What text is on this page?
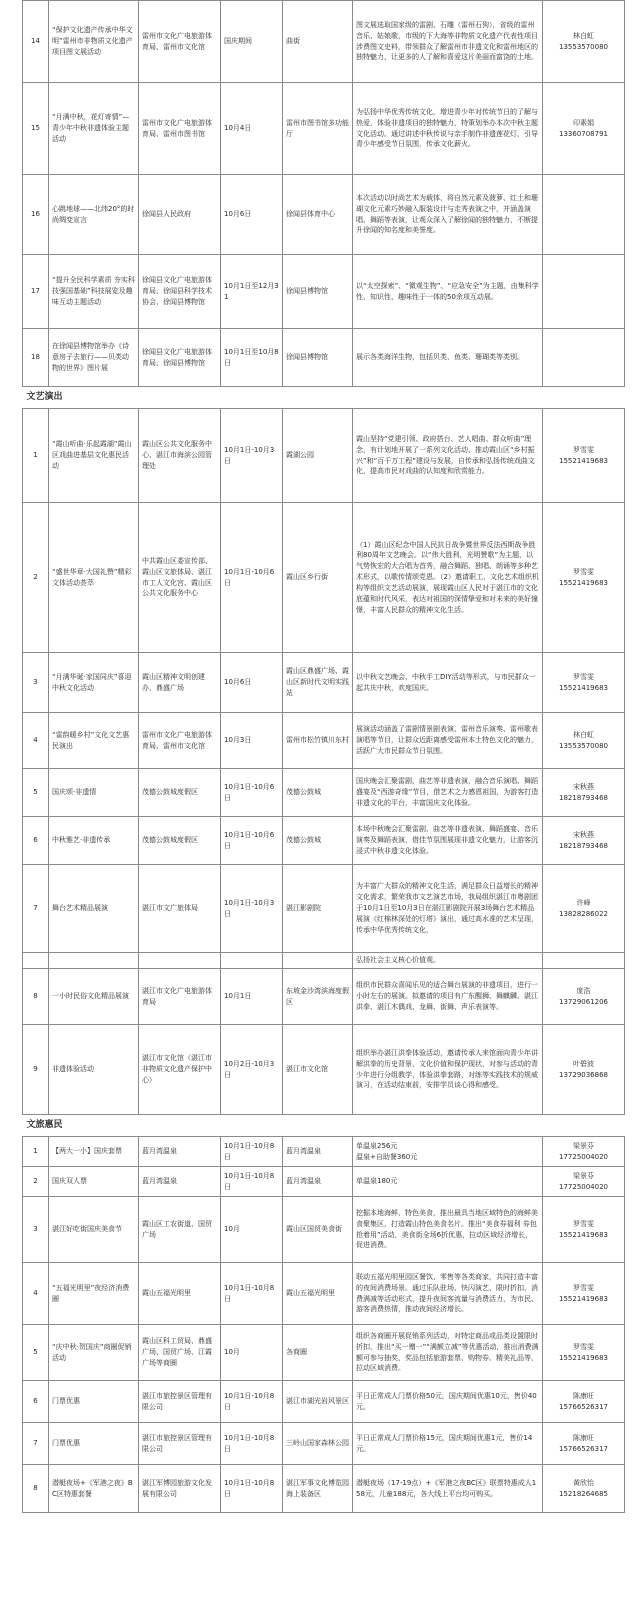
14	“保护文化遗产传承中华文明”雷州市非物质文化遗产项目图文展活动	雷州市文化广电旅游体育局、雷州市文化馆	国庆期间	曲街	图文展选取国家级的雷剧、石雕（雷州石狗），省级的雷州音乐、姑娘歌，市级的下大海等非物质文化遗产代表性项目涉费图文史料，带领群众了解雷州市非遗文化和雷州地区的独特魅力，让更多的人了解和喜爱这片美丽而富饶的土地。	林白虹
13553570080

15	“月满中秋，花灯寄情”—青少年中秋非遗体验主题活动	雷州市文化广电旅游体育局、雷州市图书馆	10月4日	雷州市图书馆多功能厅	为弘扬中华优秀传统文化，增进青少年对传统节日的了解与热爱，体验非遗项目的独特魅力，特策划举办本次中秋主题文化活动。通过讲述中秋传说与亲手制作非遗莲花灯，引导青少年感受节日氛围，传承文化薪火。	印素娟
13360708791

16	心跳地球——北纬20°的时尚绸变宣言	徐闻县人民政府	10月6日	徐闻县体育中心	本次活动以时尚艺术为载体，将自然元素及菠萝、红土和珊瑚文化元素巧妙融入服装设计与走秀表演之中，并涵盖演唱、舞蹈等表演，让观众深入了解徐闻的独特魅力，不断提升徐闻的知名度和美誉度。	

17	“提升全民科学素质 夯实科技强国基础”科技展览及趣味互动主题活动	徐闻县文化广电旅游体育局、徐闻县科学技术协会、徐闻县博物馆	10月1日至12月31	徐闻县博物馆	以“太空探索”、“微观生物”、“应急安全”为主题，由集科学性、知识性、趣味性于一体的50余项互动展。	

18	在徐闻县博物馆举办《诗意房子去旅行——贝类动物的世界》图片展	徐闻县文化广电旅游体育局、徐闻县博物馆	10月1日至10月8日	徐闻县博物馆	展示各类海洋生物，包括贝类、鱼类、珊瑚类等类别。	

文艺演出						

1	“霞山听曲·乐起霞湖”霞山区戏曲进基层文化惠民活动	霞山区公共文化服务中心、湛江市海滨公园管理处	10月1日-10月3日	霞湖公园	霞山坚持“党建引领、政府搭台、艺人唱曲、群众听曲”理念，有计划地开展了一系列文化活动，推动霞山区“乡村振兴”和“百千万工程”建设与发展，自传承和弘扬传统戏曲文化，提高市民对戏曲的认知度和欣赏能力。	罗雪雯
15521419683

2	“盛世华章·大国礼赞”精彩文体活动荟萃	中共霞山区委宣传部、霞山区文旅体局、湛江市工人文化宫、霞山区公共文化服务中心	10月1日-10月6日	霞山区乡行街	（1）霞山区纪念中国人民抗日战争暨世界反法西斯战争胜利80周年文艺晚会。以“伟大胜利，光明赞歌”为主题，以气势恢宏的大合唱为首秀，融合舞蹈、独唱、朗诵等多种艺术形式，以歌传情颂党恩。（2）邀请职工、文化艺术组织机构等组织文艺活动展演，展现霞山区人民对于湛江市的文化底蕴和时代风采，表达对祖国的深情挚爱和对未来的美好憧憬，丰富人民群众的精神文化生活。	罗雪雯
15521419683

3	“月满华诞·家国同庆”喜迎中秋文化活动	霞山区精神文明创建办、鼎盛广场	10月6日	霞山区鼎盛广场、霞山区新时代文明实践站	以中秋文艺晚会、中秋手工DIY活动等形式，与市民群众一起共庆中秋，欢度国庆。	罗雪雯
15521419683

4	“雷韵暖乡村”文化文艺惠民演出	雷州市文化广电旅游体育局、雷州市文化馆	10月3日	雷州市松竹镇川东村	展演活动涵盖了雷剧情景剧表演、雷州音乐演奏、雷州歌表演唱等节目，让群众近距离感受雷州本土特色文化的魅力，活跃广大市民群众节日氛围。	林白虹
13553570080

5	国庆颂·非遗情	茂德公鼓城度假区	10月1日-10月6日	茂德公鼓城	国庆晚会汇聚雷剧、曲艺等非遗表演，融合音乐演唱、舞蹈盛宴及“西游奇缘”节目，借艺术之力感恩祖国，为游客打造非遗文化的平台，丰富国庆文化体验。	宋秋燕
18218793468

6	中秋雅艺·非遗传承	茂德公鼓城度假区	10月1日-10月6日	茂德公鼓城	本场中秋晚会汇聚雷剧、曲艺等非遗表演、舞蹈盛宴、音乐演奏及舞蹈表演，借佳节氛围展现非遗文化魅力，让游客沉浸式中秋非遗文化体验。	宋秋燕
18218793468

7	舞台艺术精品展演	湛江市文广旅体局	10月1日-10月3日	湛江影剧院	为丰富广大群众的精神文化生活，满足群众日益增长的精神文化需求，繁荣我市文艺演艺市场，我局组织湛江市粤剧团于10月1日至10月3日在湛江影剧院开展3场舞台艺术精品展演《红棉林深处的灯塔》演出，通过高水准的艺术呈现，传承中华优秀传统文化，	许峰
13828286022

					弘扬社会主义核心价值观。	

8	一小时民俗文化精品展演	湛江市文化广电旅游体育局	10月1日	东坡金沙湾滨海度假区	组织市民群众喜闻乐见的适合舞台展演的非遗项目，进行一小时左右的展演。拟邀请的项目有广东醒狮、舞麒麟、湛江洪拳、湛江木偶戏、龙舞、街舞、声乐表演等。	庞浩
13729061206

9	非遗体验活动	湛江市文化馆（湛江市非物质文化遗产保护中心）	10月2日-10月3日	湛江市文化馆	组织举办湛江洪拳体验活动，邀请传承人来馆面向青少年讲解洪拳的历史背景、文化价值和保护现状，对参与活动的青少年进行分组教学，体验洪拳套路，对练等实践技术的规威演习，在活动结束前，安排学员谈心得和感受。	叶碧波
13729036868

文旅惠民						

1	【两大一小】国庆套票	蓝月湾温泉	10月1日-10月8日	蓝月湾温泉	单温泉256元
温泉+自助餐360元	梁景芬
17725004020

2	国庆双人票	蓝月湾温泉	10月1日-10月8日	蓝月湾温泉	单温泉180元	梁景芬
17725004020

3	湛江好吃街国庆美食节	霞山区工农街道、国贸广场	10月	霞山区国贸美食街	挖掘本地海鲜、特色美食，推出最具当地区域特色的海鲜美食聚集区，打造霞山特色美食名片。推出“美食券福利 券包抢着用”活动，美食街全场6折优惠，拉动区域经济增长，促进消费。	罗雪雯
15521419683

4	“五福光明里”夜经济消费圈	霞山五福光明里	10月1日-10月8日	霞山五福光明里	联动五福光明里园区餐饮、零售等各类商家，共同打造丰富的夜间消费场景。通过乐队驻场、快闪演艺、限时折扣、消费满减等活动形式，提升夜间客流量与消费活力，为市民、游客消费热情，推动夜间经济增长。	罗雪雯
15521419683

5	“庆中秋·贺国庆”商圈促销活动	霞山区科工贸局、鼎盛广场、国贸广场、江霞广场等商圈	10月	各商圈	组织各商圈开展促销系列活动，对特定商品或品类设置限时折扣，推出“买一赠一”“满额立减”等优惠活动，推出消费满额可参与抽奖，奖品包括旅游套票、购物券、精美礼品等，拉动区域消费。	罗雪雯
15521419683

6	门票优惠	湛江市旅控景区管理有限公司	10月1日-10月8日	湛江市湖光岩风景区	平日正常成人门票价格50元，国庆期间优惠10元，售价40元。	陈康旺
15766526317

7	门票优惠	湛江市旅控景区管理有限公司	10月1日-10月8日	三岭山国家森林公园	平日正常成人门票价格15元，国庆期间优惠1元，售价14元。	陈康旺
15766526317

8	潜艇夜场+《军港之夜》BC区特惠套餐	湛江军博园旅游文化发展有限公司	10月1日-10月8日	湛江军事文化博览园海上装备区	潜艇夜场（17-19点）+《军港之夜BC区》联票特惠成人158元，儿童188元，各大线上平台均可购买。	黄欣怡
15218264685
